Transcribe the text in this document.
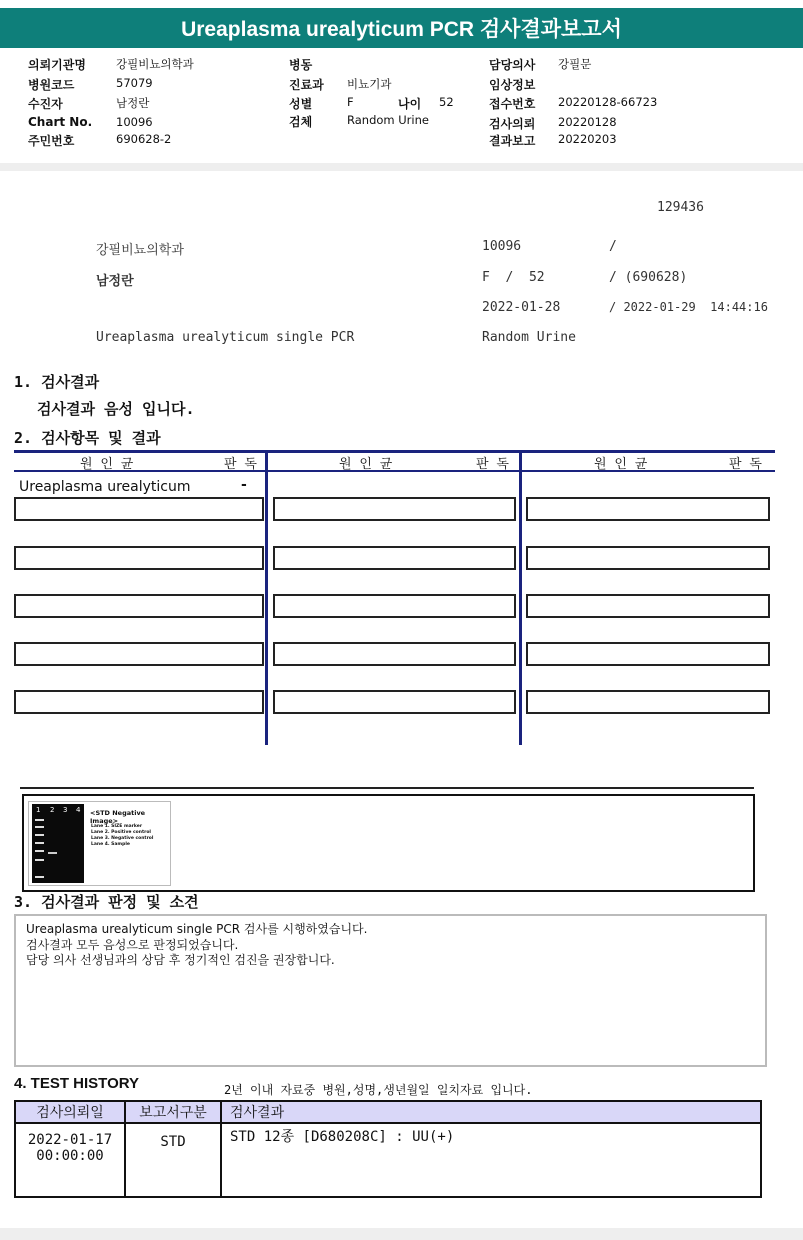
Ureaplasma urealyticum PCR 검사결과보고서
의뢰기관명	강필비뇨의학과
병원코드	57079
수진자	남정란
Chart No. 10096
주민번호	690628-2
병동
진료과 비뇨기과
성별	F	나이 52
검체	Random Urine
담당의사 강필문
임상정보
접수번호 20220128-66723
검사의뢰 20220128
결과보고 20220203
129436
강필비뇨의학과	10096	/
남정란	F  /  52	/ (690628)
2022-01-28	/ 2022-01-29  14:44:16
Ureaplasma urealyticum single PCR	Random Urine
1. 검사결과
검사결과 음성 입니다.
2. 검사항목 및 결과
원 인 균	판 독	원 인 균	판 독	원 인 균	판 독
Ureaplasma urealyticum	-
1 2 3 4 <STD Negative Image>
Lane 1. SIZE marker
Lane 2. Positive control
Lane 3. Negative control
Lane 4. Sample
3. 검사결과 판정 및 소견
Ureaplasma urealyticum single PCR 검사를 시행하였습니다.
검사결과 모두 음성으로 판정되었습니다.
담당 의사 선생님과의 상담 후 정기적인 검진을 권장합니다.
4. TEST HISTORY	2년 이내 자료중 병원,성명,생년월일 일치자료 입니다.
검사의뢰일	보고서구분	검사결과

2022-01-17
00:00:00	STD	STD 12종 [D680208C] : UU(+)
